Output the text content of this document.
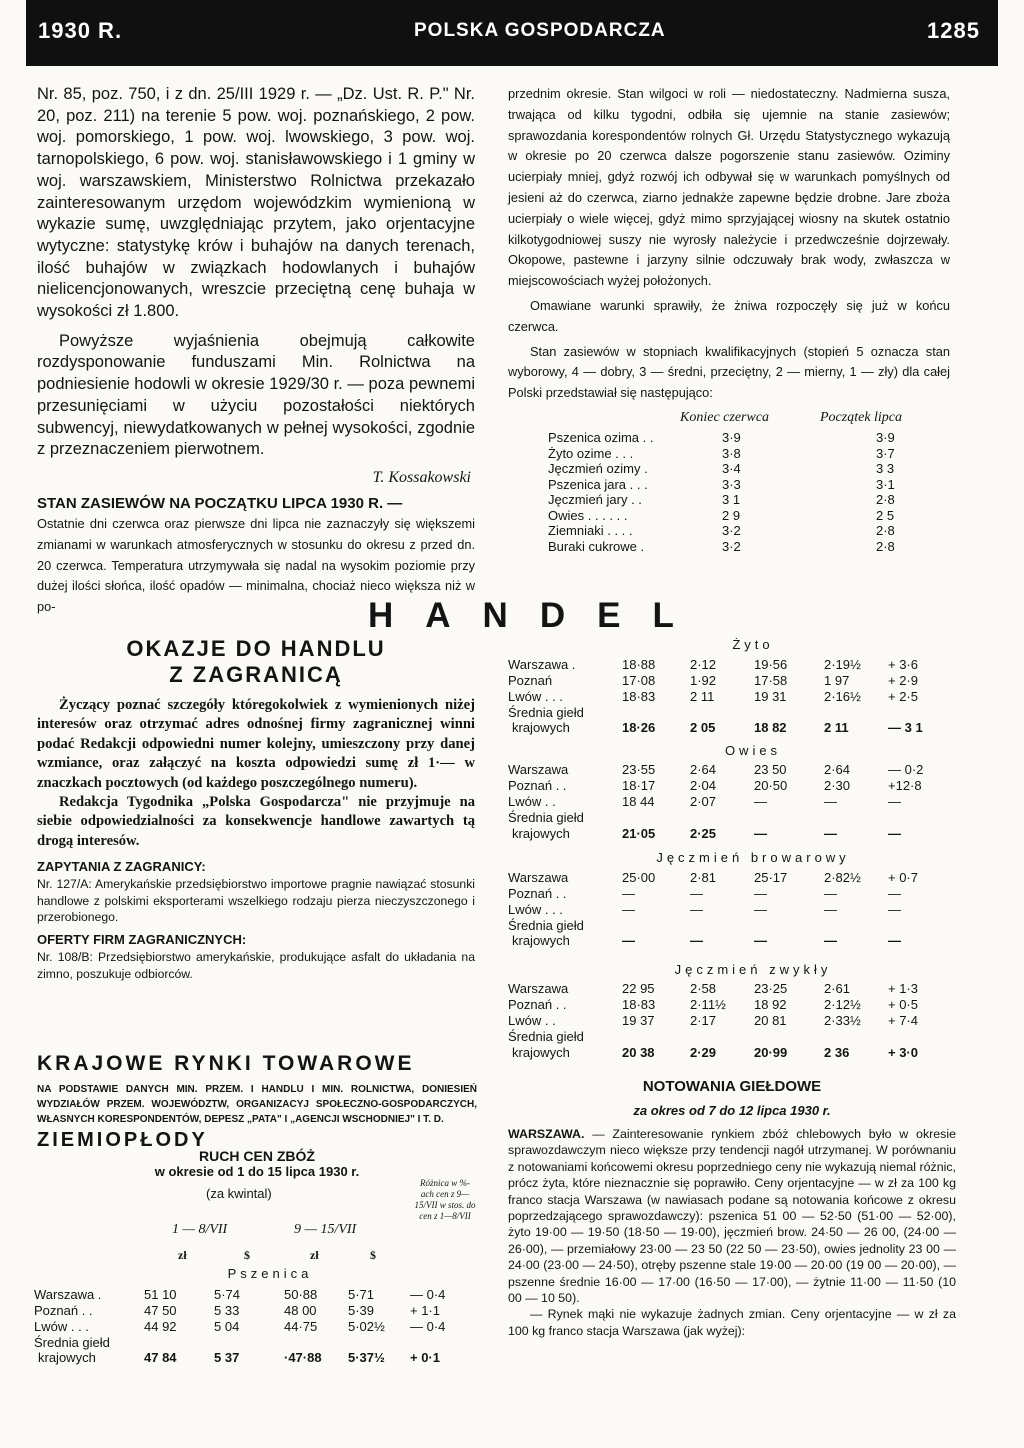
1930 R.	POLSKA GOSPODARCZA	1285

Nr. 85, poz. 750, i z dn. 25/III 1929 r. — „Dz. Ust. R. P." Nr. 20, poz. 211) na terenie 5 pow. woj. poznańskiego, 2 pow. woj. pomorskiego, 1 pow. woj. lwowskiego, 3 pow. woj. tarnopolskiego, 6 pow. woj. stanisławowskiego i 1 gminy w woj. warszawskiem, Ministerstwo Rolnictwa przekazało zainteresowanym urzędom wojewódzkim wymienioną w wykazie sumę, uwzględniając przytem, jako orjentacyjne wytyczne: statystykę krów i buhajów na danych terenach, ilość buhajów w związkach hodowlanych i buhajów nielicencjonowanych, wreszcie przeciętną cenę buhaja w wysokości zł 1.800.

Powyższe wyjaśnienia obejmują całkowite rozdysponowanie funduszami Min. Rolnictwa na podniesienie hodowli w okresie 1929/30 r. — poza pewnemi przesunięciami w użyciu pozostałości niektórych subwencyj, niewydatkowanych w pełnej wysokości, zgodnie z przeznaczeniem pierwotnem.

T. Kossakowski
STAN ZASIEWÓW NA POCZĄTKU LIPCA 1930 R. —

Ostatnie dni czerwca oraz pierwsze dni lipca nie zaznaczyły się większemi zmianami w warunkach atmosferycznych w stosunku do okresu z przed dn. 20 czerwca. Temperatura utrzymywała się nadal na wysokim poziomie przy dużej ilości słońca, ilość opadów — minimalna, chociaż nieco większa niż w po-

przednim okresie. Stan wilgoci w roli — niedostateczny. Nadmierna susza, trwająca od kilku tygodni, odbiła się ujemnie na stanie zasiewów; sprawozdania korespondentów rolnych Gł. Urzędu Statystycznego wykazują w okresie po 20 czerwca dalsze pogorszenie stanu zasiewów. Oziminy ucierpiały mniej, gdyż rozwój ich odbywał się w warunkach pomyślnych od jesieni aż do czerwca, ziarno jednakże zapewne będzie drobne. Jare zboża ucierpiały o wiele więcej, gdyż mimo sprzyjającej wiosny na skutek ostatnio kilkotygodniowej suszy nie wyrosły należycie i przedwcześnie dojrzewały. Okopowe, pastewne i jarzyny silnie odczuwały brak wody, zwłaszcza w miejscowościach wyżej położonych.

Omawiane warunki sprawiły, że żniwa rozpoczęły się już w końcu czerwca.

Stan zasiewów w stopniach kwalifikacyjnych (stopień 5 oznacza stan wyborowy, 4 — dobry, 3 — średni, przeciętny, 2 — mierny, 1 — zły) dla całej Polski przedstawiał się następująco:

Koniec czerwca	Początek lipca
Pszenica ozima . .	3·9	3·9
Żyto ozime . . .	3·8	3·7
Jęczmień ozimy .	3·4	3 3
Pszenica jara . . .	3·3	3·1
Jęczmień jary . .	3 1	2·8
Owies . . . . . .	2 9	2 5
Ziemniaki . . . .	3·2	2·8
Buraki cukrowe .	3·2	2·8
HANDEL
OKAZJE DO HANDLU
Z ZAGRANICĄ

Życzący poznać szczegóły któregokolwiek z wymienionych niżej interesów oraz otrzymać adres odnośnej firmy zagranicznej winni podać Redakcji odpowiedni numer kolejny, umieszczony przy danej wzmiance, oraz załączyć na koszta odpowiedzi sumę zł 1·— w znaczkach pocztowych (od każdego poszczególnego numeru).

Redakcja Tygodnika „Polska Gospodarcza" nie przyjmuje na siebie odpowiedzialności za konsekwencje handlowe zawartych tą drogą interesów.

ZAPYTANIA Z ZAGRANICY:

Nr. 127/A: Amerykańskie przedsiębiorstwo importowe pragnie nawiązać stosunki handlowe z polskimi eksporterami wszelkiego rodzaju pierza nieczyszczonego i przerobionego.

OFERTY FIRM ZAGRANICZNYCH:

Nr. 108/B: Przedsiębiorstwo amerykańskie, produkujące asfalt do układania na zimno, poszukuje odbiorców.

KRAJOWE RYNKI TOWAROWE

NA PODSTAWIE DANYCH MIN. PRZEM. I HANDLU I MIN. ROLNICTWA, DONIESIEŃ WYDZIAŁÓW PRZEM. WOJEWÓDZTW, ORGANIZACYJ SPOŁECZNO-GOSPODARCZYCH, WŁASNYCH KORESPONDENTÓW, DEPESZ „PATA" I „AGENCJI WSCHODNIEJ" I T. D.

ZIEMIOPŁODY
RUCH CEN ZBÓŻ
w okresie od 1 do 15 lipca 1930 r.
(za kwintal)
Różnica w %-ach cen z 9—15/VII w stos. do cen z 1—8/VII
1 — 8/VII	9 — 15/VII
zł	$	zł	$
Pszenica
Warszawa .	51 10	5·74	50·88	5·71	— 0·4
Poznań . .	47 50	5 33	48 00	5·39	+ 1·1
Lwów . . .	44 92	5 04	44·75	5·02½	— 0·4
Średnia giełd					
krajowych	47 84	5 37	·47·88	5·37½	+ 0·1
Żyto
Warszawa .	18·88	2·12	19·56	2·19½	+ 3·6
Poznań	17·08	1·92	17·58	1 97	+ 2·9
Lwów . . .	18·83	2 11	19 31	2·16½	+ 2·5
Średnia giełd					
krajowych	18·26	2 05	18 82	2 11	— 3 1
Owies
Warszawa	23·55	2·64	23 50	2·64	— 0·2
Poznań . .	18·17	2·04	20·50	2·30	+12·8
Lwów . .	18 44	2·07	—	—	—
Średnia giełd					
krajowych	21·05	2·25	—	—	—
Jęczmień browarowy
Warszawa	25·00	2·81	25·17	2·82½	+ 0·7
Poznań . .	—	—	—	—	—
Lwów . . .	—	—	—	—	—
Średnia giełd					
krajowych	—	—	—	—	—
Jęczmień zwykły
Warszawa	22 95	2·58	23·25	2·61	+ 1·3
Poznań . .	18·83	2·11½	18 92	2·12½	+ 0·5
Lwów . .	19 37	2·17	20 81	2·33½	+ 7·4
Średnia giełd					
krajowych	20 38	2·29	20·99	2 36	+ 3·0
NOTOWANIA GIEŁDOWE
za okres od 7 do 12 lipca 1930 r.

WARSZAWA. — Zainteresowanie rynkiem zbóż chlebowych było w okresie sprawozdawczym nieco większe przy tendencji nagół utrzymanej. W porównaniu z notowaniami końcowemi okresu poprzedniego ceny nie wykazują niemal różnic, prócz żyta, które nieznacznie się poprawiło. Ceny orjentacyjne — w zł za 100 kg franco stacja Warszawa (w nawiasach podane są notowania końcowe z okresu poprzedzającego sprawozdawczy): pszenica 51 00 — 52·50 (51·00 — 52·00), żyto 19·00 — 19·50 (18·50 — 19·00), jęczmień brow. 24·50 — 26 00, (24·00 — 26·00), — przemiałowy 23·00 — 23 50 (22 50 — 23·50), owies jednolity 23 00 — 24·00 (23·00 — 24·50), otręby pszenne stale 19·00 — 20·00 (19 00 — 20·00), — pszenne średnie 16·00 — 17·00 (16·50 — 17·00), — żytnie 11·00 — 11·50 (10 00 — 10 50).

— Rynek mąki nie wykazuje żadnych zmian. Ceny orjentacyjne — w zł za 100 kg franco stacja Warszawa (jak wyżej):
